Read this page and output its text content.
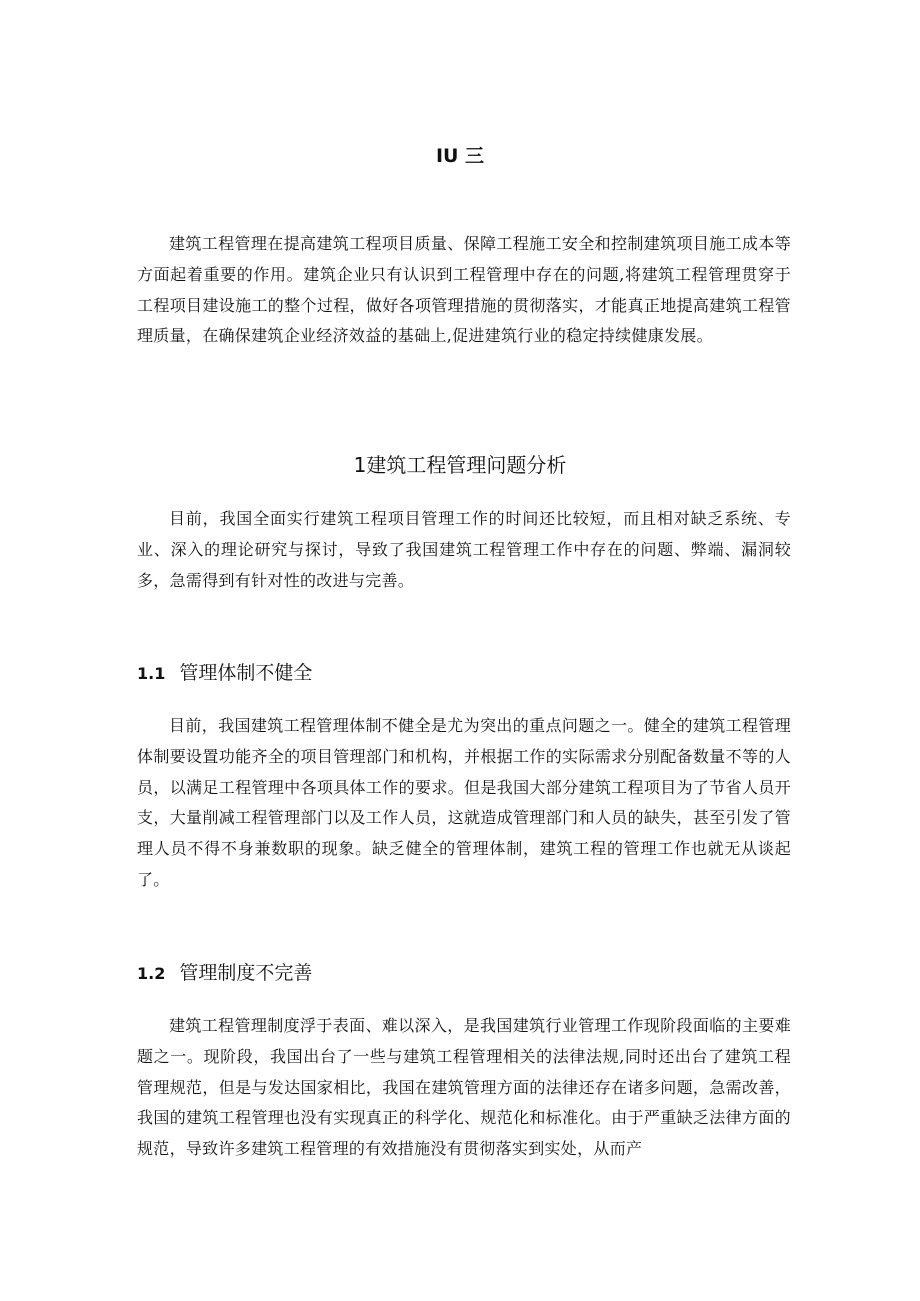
IU 三

建筑工程管理在提高建筑工程项目质量、保障工程施工安全和控制建筑项目施工成本等方面起着重要的作用。建筑企业只有认识到工程管理中存在的问题,将建筑工程管理贯穿于工程项目建设施工的整个过程，做好各项管理措施的贯彻落实，才能真正地提高建筑工程管理质量，在确保建筑企业经济效益的基础上,促进建筑行业的稳定持续健康发展。

1建筑工程管理问题分析

目前，我国全面实行建筑工程项目管理工作的时间还比较短，而且相对缺乏系统、专业、深入的理论研究与探讨，导致了我国建筑工程管理工作中存在的问题、弊端、漏洞较多，急需得到有针对性的改进与完善。

1.1 管理体制不健全

目前，我国建筑工程管理体制不健全是尤为突出的重点问题之一。健全的建筑工程管理体制要设置功能齐全的项目管理部门和机构，并根据工作的实际需求分别配备数量不等的人员，以满足工程管理中各项具体工作的要求。但是我国大部分建筑工程项目为了节省人员开支，大量削减工程管理部门以及工作人员，这就造成管理部门和人员的缺失，甚至引发了管理人员不得不身兼数职的现象。缺乏健全的管理体制，建筑工程的管理工作也就无从谈起了。

1.2 管理制度不完善

建筑工程管理制度浮于表面、难以深入，是我国建筑行业管理工作现阶段面临的主要难题之一。现阶段，我国出台了一些与建筑工程管理相关的法律法规,同时还出台了建筑工程管理规范，但是与发达国家相比，我国在建筑管理方面的法律还存在诸多问题，急需改善，我国的建筑工程管理也没有实现真正的科学化、规范化和标准化。由于严重缺乏法律方面的规范，导致许多建筑工程管理的有效措施没有贯彻落实到实处，从而产
